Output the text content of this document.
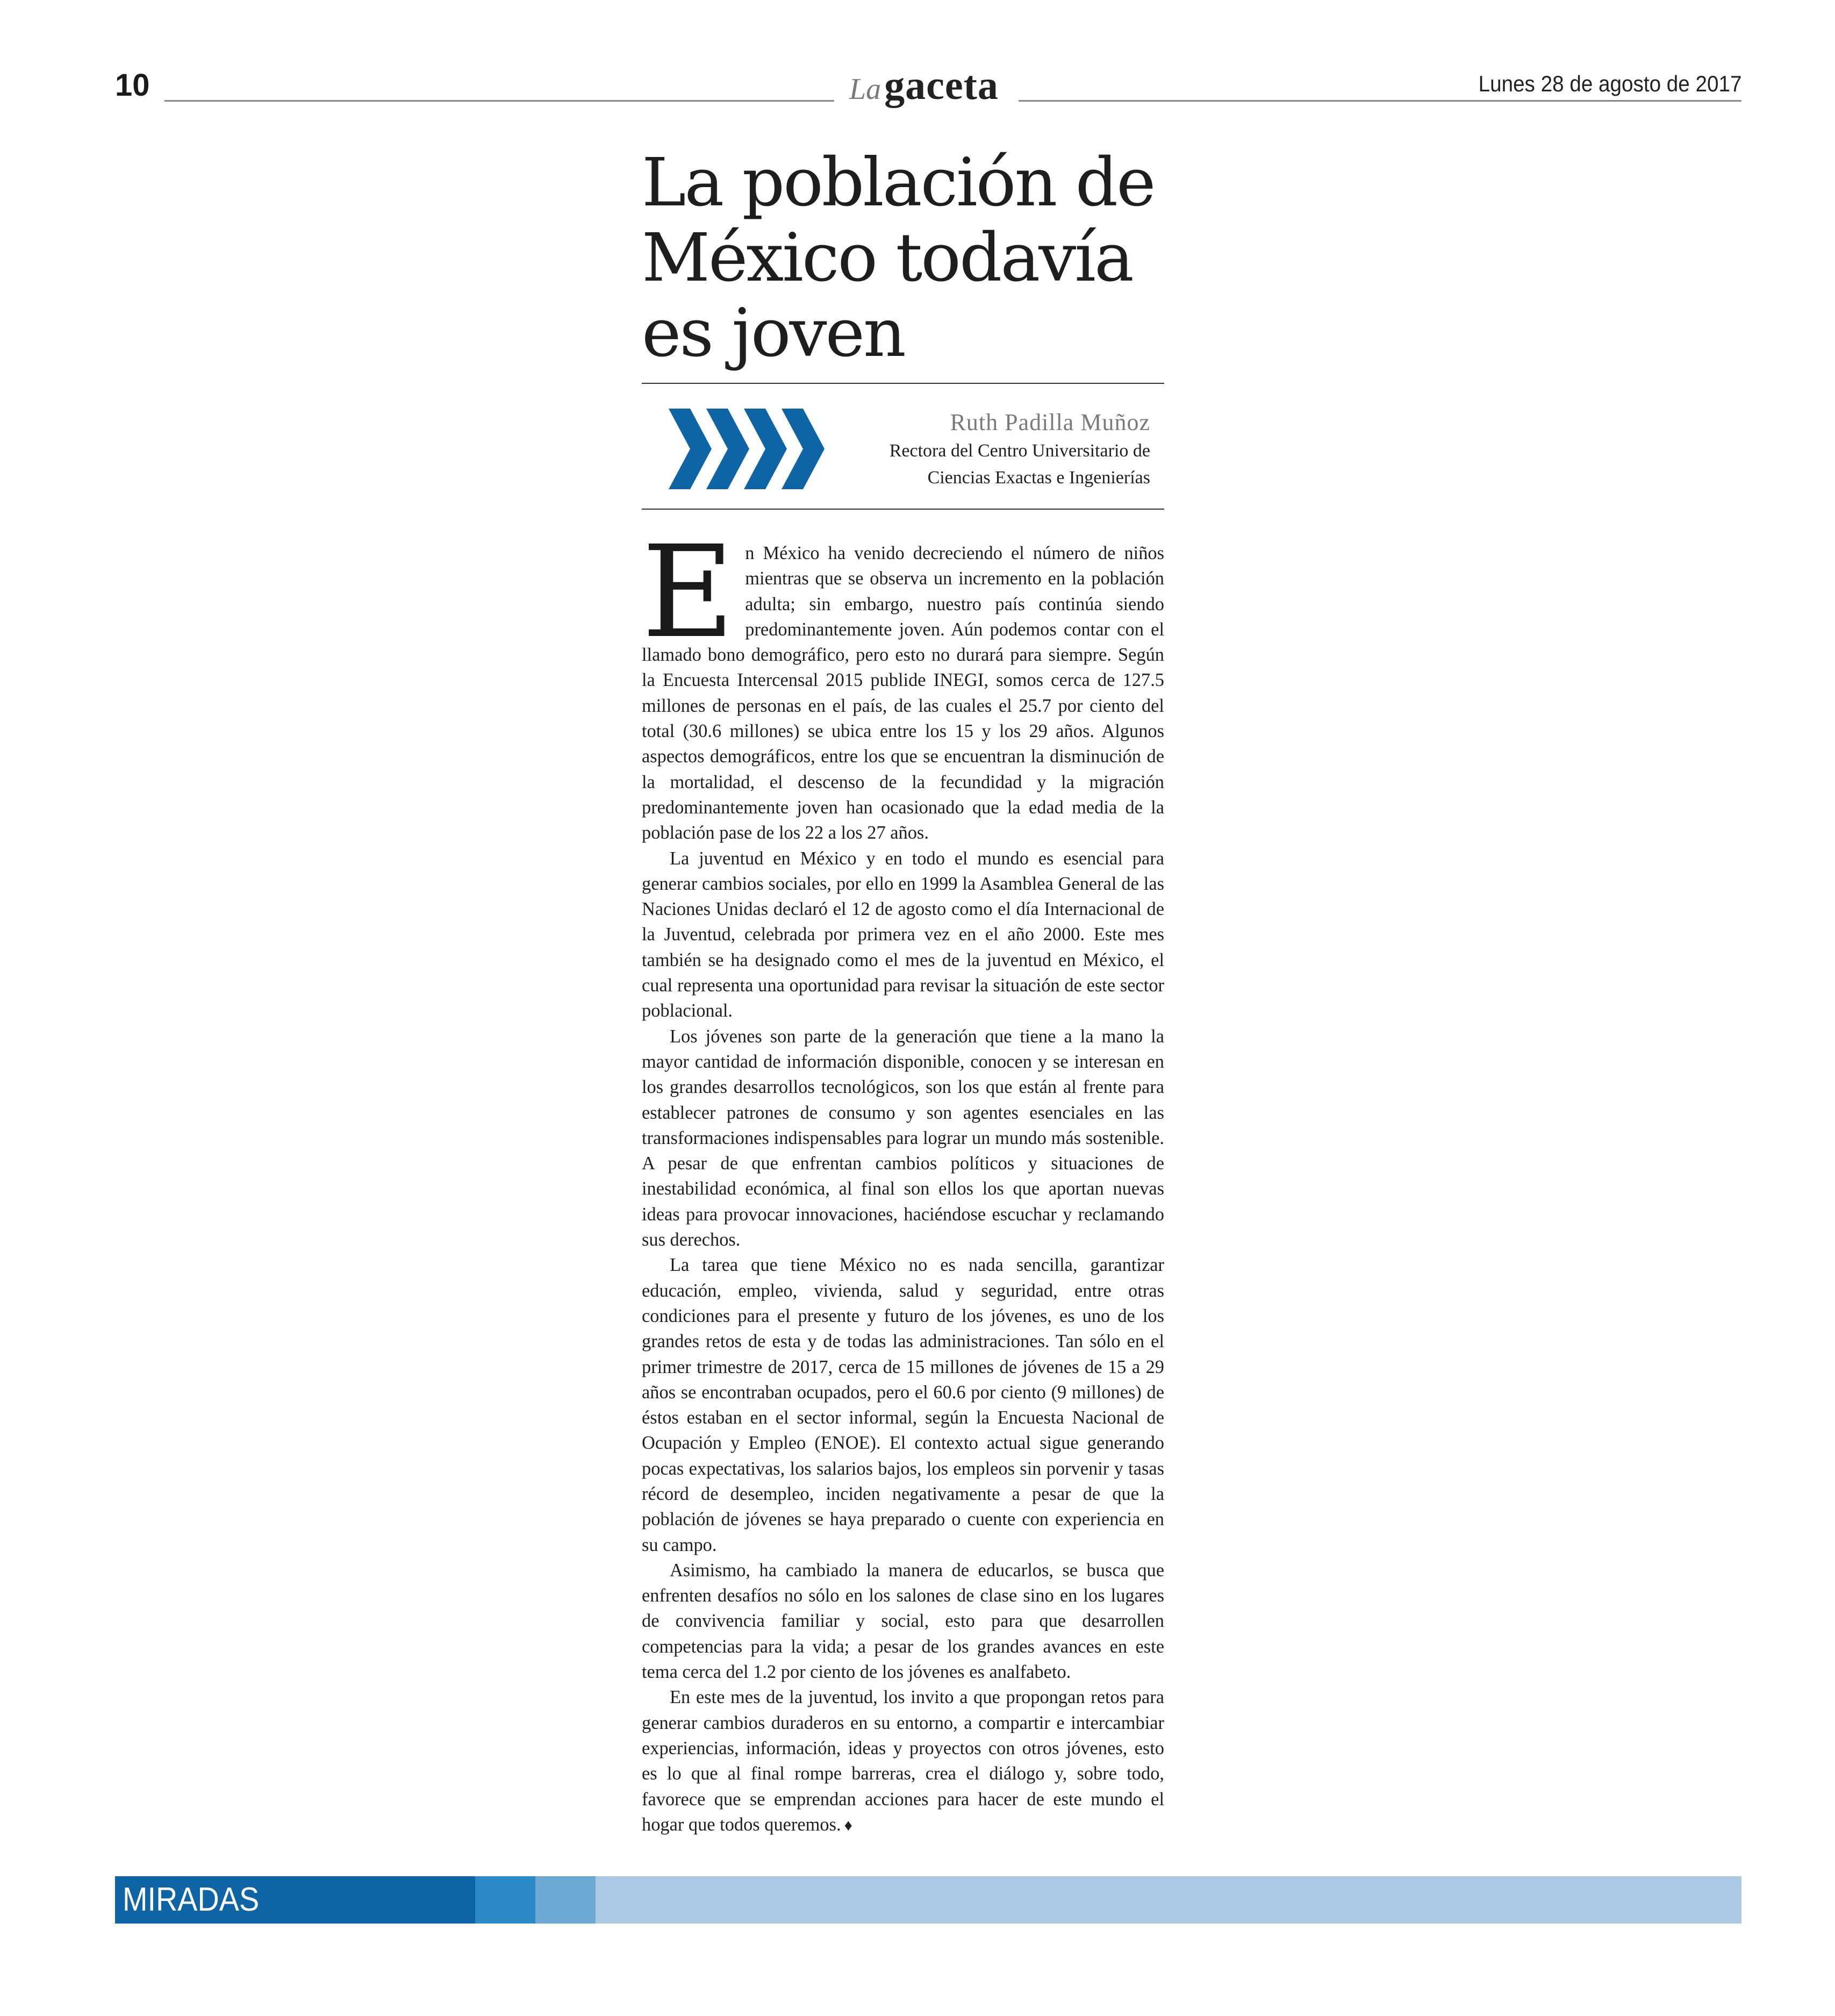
10	Lagaceta	Lunes 28 de agosto de 2017
La población de
México todavía
es joven
Ruth Padilla Muñoz
Rectora del Centro Universitario de
Ciencias Exactas e Ingenierías

En México ha venido decreciendo el número de niños mientras que se observa un incremento en la población adulta; sin embargo, nuestro país continúa siendo predominantemente joven. Aún podemos contar con el llamado bono demográfico, pero esto no durará para siempre. Según la Encuesta Intercensal 2015 publide INEGI, somos cerca de 127.5 millones de personas en el país, de las cuales el 25.7 por ciento del total (30.6 millones) se ubica entre los 15 y los 29 años. Algunos aspectos demográficos, entre los que se encuentran la disminución de la mortalidad, el descenso de la fecundidad y la migración predominantemente joven han ocasionado que la edad media de la población pase de los 22 a los 27 años.

La juventud en México y en todo el mundo es esencial para generar cambios sociales, por ello en 1999 la Asamblea General de las Naciones Unidas declaró el 12 de agosto como el día Internacional de la Juventud, celebrada por primera vez en el año 2000. Este mes también se ha designado como el mes de la juventud en México, el cual representa una oportunidad para revisar la situación de este sector poblacional.

Los jóvenes son parte de la generación que tiene a la mano la mayor cantidad de información disponible, conocen y se interesan en los grandes desarrollos tecnológicos, son los que están al frente para establecer patrones de consumo y son agentes esenciales en las transformaciones indispensables para lograr un mundo más sostenible. A pesar de que enfrentan cambios políticos y situaciones de inestabilidad económica, al final son ellos los que aportan nuevas ideas para provocar innovaciones, haciéndose escuchar y reclamando sus derechos.

La tarea que tiene México no es nada sencilla, garantizar educación, empleo, vivienda, salud y seguridad, entre otras condiciones para el presente y futuro de los jóvenes, es uno de los grandes retos de esta y de todas las administraciones. Tan sólo en el primer trimestre de 2017, cerca de 15 millones de jóvenes de 15 a 29 años se encontraban ocupados, pero el 60.6 por ciento (9 millones) de éstos estaban en el sector informal, según la Encuesta Nacional de Ocupación y Empleo (ENOE). El contexto actual sigue generando pocas expectativas, los salarios bajos, los empleos sin porvenir y tasas récord de desempleo, inciden negativamente a pesar de que la población de jóvenes se haya preparado o cuente con experiencia en su campo.

Asimismo, ha cambiado la manera de educarlos, se busca que enfrenten desafíos no sólo en los salones de clase sino en los lugares de convivencia familiar y social, esto para que desarrollen competencias para la vida; a pesar de los grandes avances en este tema cerca del 1.2 por ciento de los jóvenes es analfabeto.

En este mes de la juventud, los invito a que propongan retos para generar cambios duraderos en su entorno, a compartir e intercambiar experiencias, información, ideas y proyectos con otros jóvenes, esto es lo que al final rompe barreras, crea el diálogo y, sobre todo, favorece que se emprendan acciones para hacer de este mundo el hogar que todos queremos. ♦

MIRADAS
